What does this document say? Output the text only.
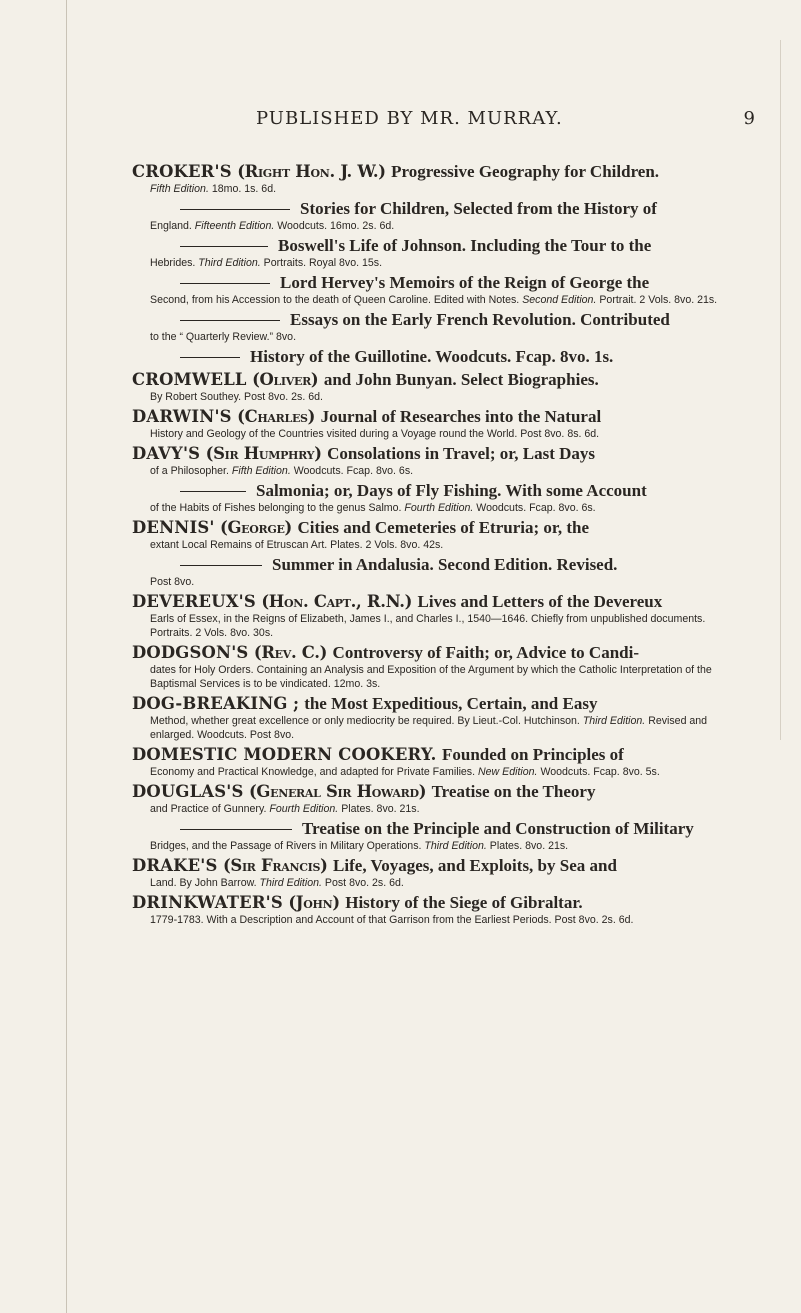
PUBLISHED BY MR. MURRAY.	9
CROKER'S (Right Hon. J. W.) Progressive Geography for Children.
Fifth Edition. 18mo. 1s. 6d.
Stories for Children, Selected from the History of
England. Fifteenth Edition. Woodcuts. 16mo. 2s. 6d.
Boswell's Life of Johnson. Including the Tour to the
Hebrides. Third Edition. Portraits. Royal 8vo. 15s.
Lord Hervey's Memoirs of the Reign of George the
Second, from his Accession to the death of Queen Caroline. Edited with Notes. Second Edition. Portrait. 2 Vols. 8vo. 21s.
Essays on the Early French Revolution. Contributed
to the “ Quarterly Review.” 8vo.
History of the Guillotine. Woodcuts. Fcap. 8vo. 1s.
CROMWELL (Oliver) and John Bunyan. Select Biographies.
By Robert Southey. Post 8vo. 2s. 6d.
DARWIN'S (Charles) Journal of Researches into the Natural
History and Geology of the Countries visited during a Voyage round the World. Post 8vo. 8s. 6d.
DAVY'S (Sir Humphry) Consolations in Travel; or, Last Days
of a Philosopher. Fifth Edition. Woodcuts. Fcap. 8vo. 6s.
Salmonia; or, Days of Fly Fishing. With some Account
of the Habits of Fishes belonging to the genus Salmo. Fourth Edition. Woodcuts. Fcap. 8vo. 6s.
DENNIS' (George) Cities and Cemeteries of Etruria; or, the
extant Local Remains of Etruscan Art. Plates. 2 Vols. 8vo. 42s.
Summer in Andalusia. Second Edition. Revised.
Post 8vo.
DEVEREUX'S (Hon. Capt., R.N.) Lives and Letters of the Devereux
Earls of Essex, in the Reigns of Elizabeth, James I., and Charles I., 1540—1646. Chiefly from unpublished documents. Portraits. 2 Vols. 8vo. 30s.
DODGSON'S (Rev. C.) Controversy of Faith; or, Advice to Candi-
dates for Holy Orders. Containing an Analysis and Exposition of the Argument by which the Catholic Interpretation of the Baptismal Services is to be vindicated. 12mo. 3s.
DOG-BREAKING ; the Most Expeditious, Certain, and Easy
Method, whether great excellence or only mediocrity be required. By Lieut.-Col. Hutchinson. Third Edition. Revised and enlarged. Woodcuts. Post 8vo.
DOMESTIC MODERN COOKERY. Founded on Principles of
Economy and Practical Knowledge, and adapted for Private Families. New Edition. Woodcuts. Fcap. 8vo. 5s.
DOUGLAS'S (General Sir Howard) Treatise on the Theory
and Practice of Gunnery. Fourth Edition. Plates. 8vo. 21s.
Treatise on the Principle and Construction of Military
Bridges, and the Passage of Rivers in Military Operations. Third Edition. Plates. 8vo. 21s.
DRAKE'S (Sir Francis) Life, Voyages, and Exploits, by Sea and
Land. By John Barrow. Third Edition. Post 8vo. 2s. 6d.
DRINKWATER'S (John) History of the Siege of Gibraltar.
1779-1783. With a Description and Account of that Garrison from the Earliest Periods. Post 8vo. 2s. 6d.
